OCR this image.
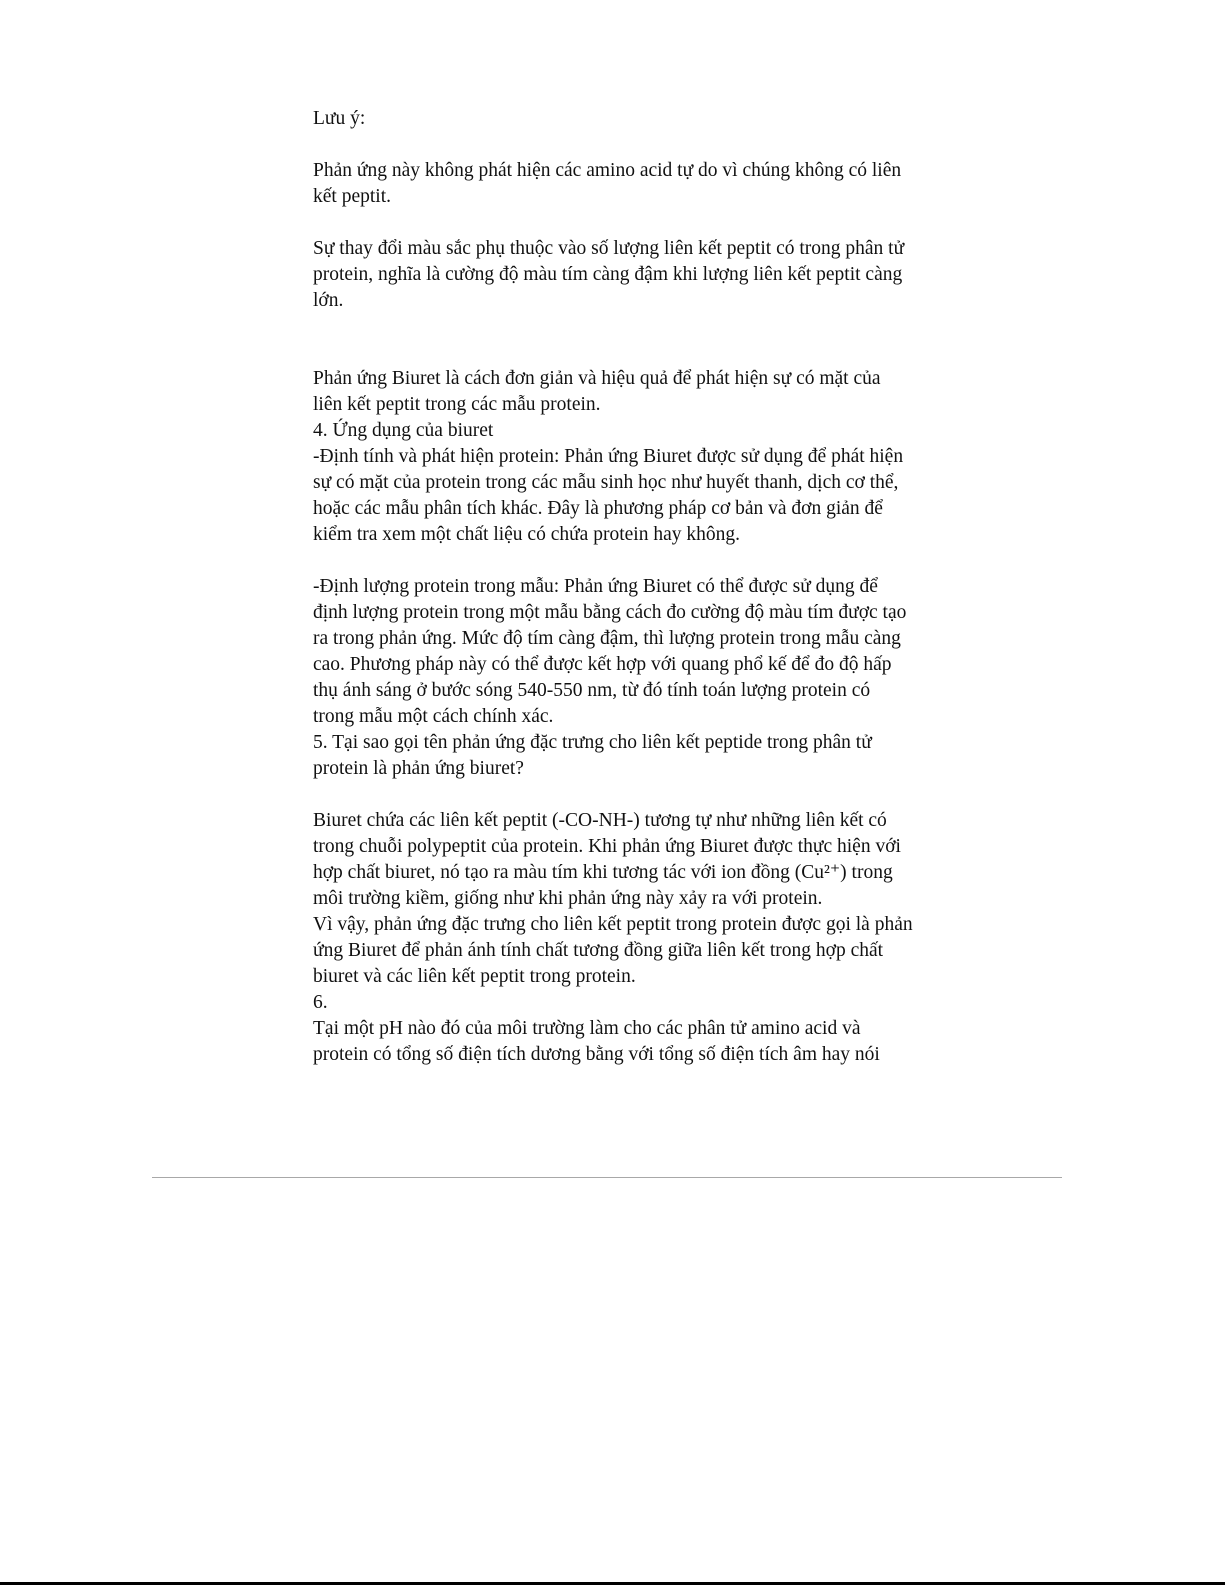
Lưu ý:

Phản ứng này không phát hiện các amino acid tự do vì chúng không có liên

kết peptit.

Sự thay đổi màu sắc phụ thuộc vào số lượng liên kết peptit có trong phân tử

protein, nghĩa là cường độ màu tím càng đậm khi lượng liên kết peptit càng

lớn.

Phản ứng Biuret là cách đơn giản và hiệu quả để phát hiện sự có mặt của

liên kết peptit trong các mẫu protein.

4. Ứng dụng của biuret

-Định tính và phát hiện protein: Phản ứng Biuret được sử dụng để phát hiện

sự có mặt của protein trong các mẫu sinh học như huyết thanh, dịch cơ thể,

hoặc các mẫu phân tích khác. Đây là phương pháp cơ bản và đơn giản để

kiểm tra xem một chất liệu có chứa protein hay không.

-Định lượng protein trong mẫu: Phản ứng Biuret có thể được sử dụng để

định lượng protein trong một mẫu bằng cách đo cường độ màu tím được tạo

ra trong phản ứng. Mức độ tím càng đậm, thì lượng protein trong mẫu càng

cao. Phương pháp này có thể được kết hợp với quang phổ kế để đo độ hấp

thụ ánh sáng ở bước sóng 540-550 nm, từ đó tính toán lượng protein có

trong mẫu một cách chính xác.

5. Tại sao gọi tên phản ứng đặc trưng cho liên kết peptide trong phân tử

protein là phản ứng biuret?

Biuret chứa các liên kết peptit (-CO-NH-) tương tự như những liên kết có

trong chuỗi polypeptit của protein. Khi phản ứng Biuret được thực hiện với

hợp chất biuret, nó tạo ra màu tím khi tương tác với ion đồng (Cu²⁺) trong

môi trường kiềm, giống như khi phản ứng này xảy ra với protein.

Vì vậy, phản ứng đặc trưng cho liên kết peptit trong protein được gọi là phản

ứng Biuret để phản ánh tính chất tương đồng giữa liên kết trong hợp chất

biuret và các liên kết peptit trong protein.

6.

Tại một pH nào đó của môi trường làm cho các phân tử amino acid và

protein có tổng số điện tích dương bằng với tổng số điện tích âm hay nói
